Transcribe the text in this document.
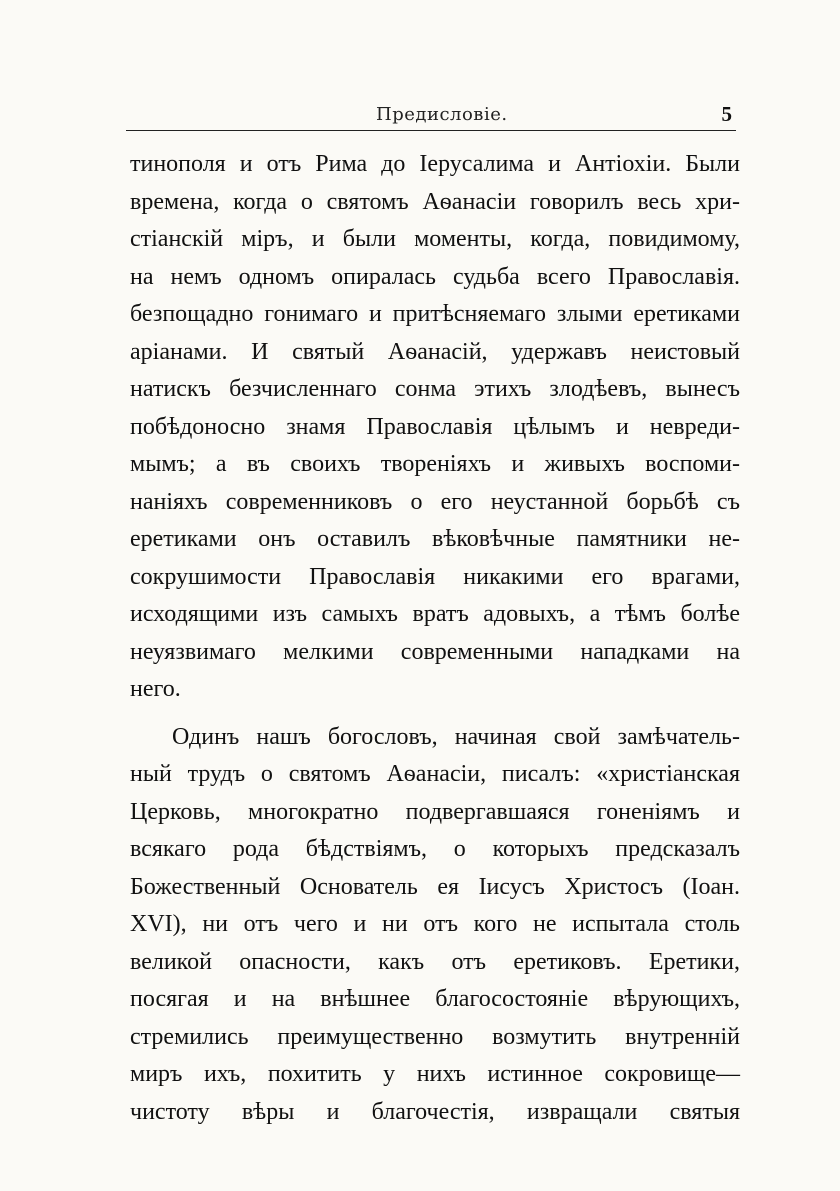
Предисловіе.	5
тинополя и отъ Рима до Іерусалима и Антіохіи. Были
времена, когда о святомъ Аѳанасіи говорилъ весь хри-
стіанскій міръ, и были моменты, когда, повидимому,
на немъ одномъ опиралась судьба всего Православія.
безпощадно гонимаго и притѣсняемаго злыми еретиками
аріанами. И святый Аѳанасій, удержавъ неистовый
натискъ безчисленнаго сонма этихъ злодѣевъ, вынесъ
побѣдоносно знамя Православія цѣлымъ и невреди-
мымъ; а въ своихъ твореніяхъ и живыхъ воспоми-
наніяхъ современниковъ о его неустанной борьбѣ съ
еретиками онъ оставилъ вѣковѣчные памятники не-
сокрушимости Православія никакими его врагами,
исходящими изъ самыхъ вратъ адовыхъ, а тѣмъ болѣе
неуязвимаго мелкими современными нападками на
него.
Одинъ нашъ богословъ, начиная свой замѣчатель-
ный трудъ о святомъ Аѳанасіи, писалъ: «христіанская
Церковь, многократно подвергавшаяся гоненіямъ и
всякаго рода бѣдствіямъ, о которыхъ предсказалъ
Божественный Основатель ея Іисусъ Христосъ (Іоан.
XVI), ни отъ чего и ни отъ кого не испытала столь
великой опасности, какъ отъ еретиковъ. Еретики,
посягая и на внѣшнее благосостояніе вѣрующихъ,
стремились преимущественно возмутить внутренній
миръ ихъ, похитить у нихъ истинное сокровище—
чистоту вѣры и благочестія, извращали святыя
